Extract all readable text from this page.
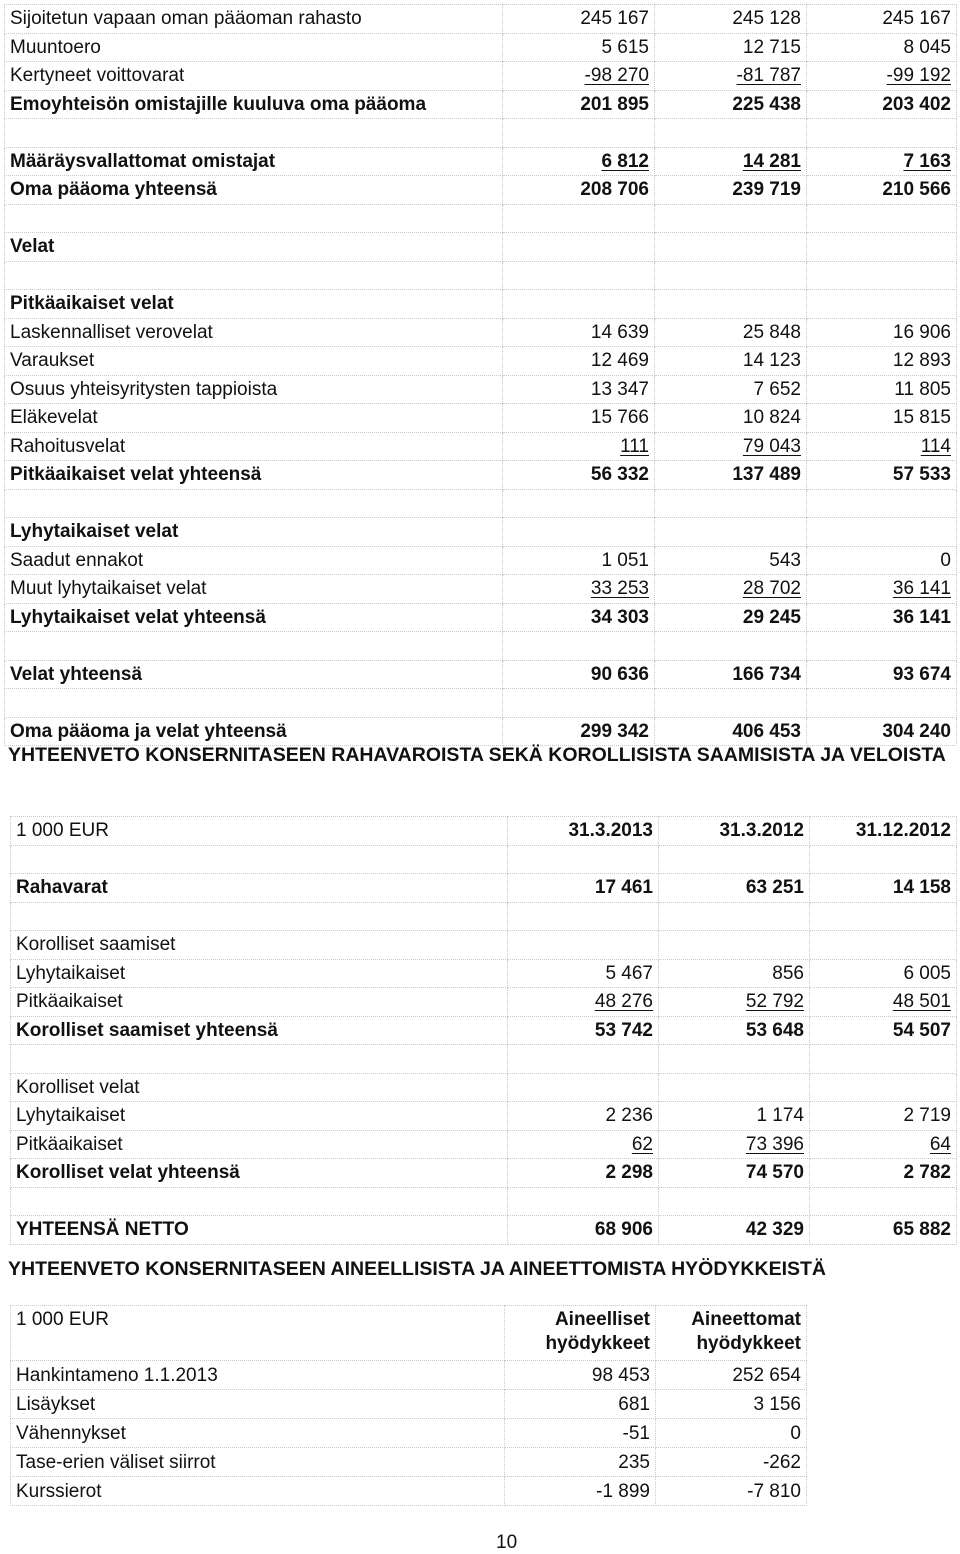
Sijoitetun vapaan oman pääoman rahasto	245 167	245 128	245 167
Muuntoero	5 615	12 715	8 045
Kertyneet voittovarat	-98 270	-81 787	-99 192
Emoyhteisön omistajille kuuluva oma pääoma	201 895	225 438	203 402

Määräysvallattomat omistajat	6 812	14 281	7 163
Oma pääoma yhteensä	208 706	239 719	210 566

Velat			

Pitkäaikaiset velat			
Laskennalliset verovelat	14 639	25 848	16 906
Varaukset	12 469	14 123	12 893
Osuus yhteisyritysten tappioista	13 347	7 652	11 805
Eläkevelat	15 766	10 824	15 815
Rahoitusvelat	111	79 043	114
Pitkäaikaiset velat yhteensä	56 332	137 489	57 533

Lyhytaikaiset velat			
Saadut ennakot	1 051	543	0
Muut lyhytaikaiset velat	33 253	28 702	36 141
Lyhytaikaiset velat yhteensä	34 303	29 245	36 141

Velat yhteensä	90 636	166 734	93 674

Oma pääoma ja velat yhteensä	299 342	406 453	304 240
YHTEENVETO KONSERNITASEEN RAHAVAROISTA SEKÄ KOROLLISISTA SAAMISISTA JA VELOISTA
1 000 EUR	31.3.2013	31.3.2012	31.12.2012

Rahavarat	17 461	63 251	14 158

Korolliset saamiset			
Lyhytaikaiset	5 467	856	6 005
Pitkäaikaiset	48 276	52 792	48 501
Korolliset saamiset yhteensä	53 742	53 648	54 507

Korolliset velat			
Lyhytaikaiset	2 236	1 174	2 719
Pitkäaikaiset	62	73 396	64
Korolliset velat yhteensä	2 298	74 570	2 782

YHTEENSÄ NETTO	68 906	42 329	65 882
YHTEENVETO KONSERNITASEEN AINEELLISISTA JA AINEETTOMISTA HYÖDYKKEISTÄ
1 000 EUR	Aineelliset hyödykkeet	Aineettomat hyödykkeet
Hankintameno 1.1.2013	98 453	252 654
Lisäykset	681	3 156
Vähennykset	-51	0
Tase-erien väliset siirrot	235	-262
Kurssierot	-1 899	-7 810
10
